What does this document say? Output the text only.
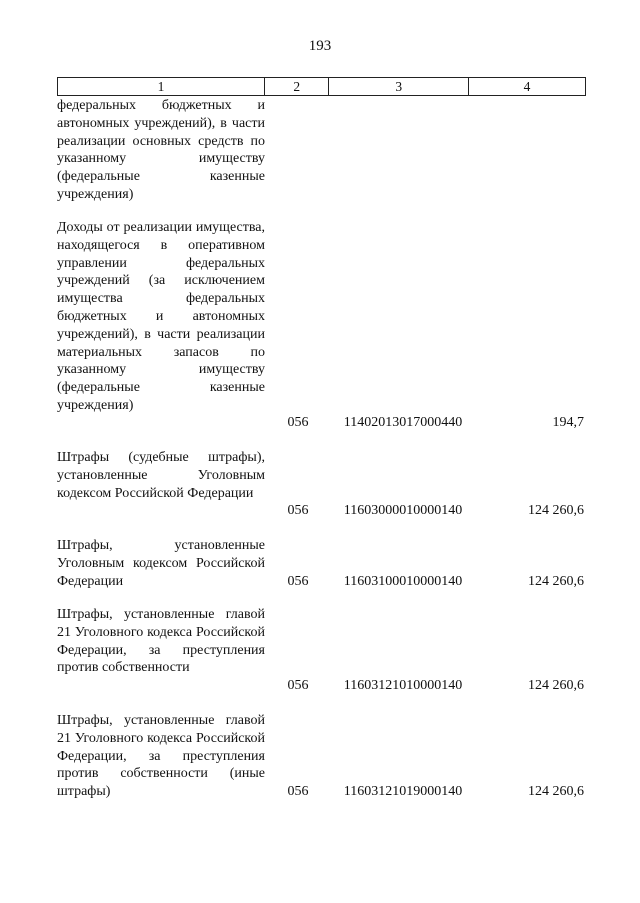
193
1	2	3	4
федеральных бюджетных и автономных учреждений), в части реализации основных средств по указанному имуществу (федеральные казенные учреждения)
Доходы от реализации имущества, находящегося в оперативном управлении федеральных учреждений (за исключением имущества федеральных бюджетных и автономных учреждений), в части реализации материальных запасов по указанному имуществу (федеральные казенные учреждения)
056	11402013017000440	194,7
Штрафы (судебные штрафы), установленные Уголовным кодексом Российской Федерации
056	11603000010000140	124 260,6
Штрафы, установленные Уголовным кодексом Российской Федерации	056	11603100010000140	124 260,6
Штрафы, установленные главой 21 Уголовного кодекса Российской Федерации, за преступления против собственности
056	11603121010000140	124 260,6
Штрафы, установленные главой 21 Уголовного кодекса Российской Федерации, за преступления против собственности (иные штрафы)	056	11603121019000140	124 260,6
